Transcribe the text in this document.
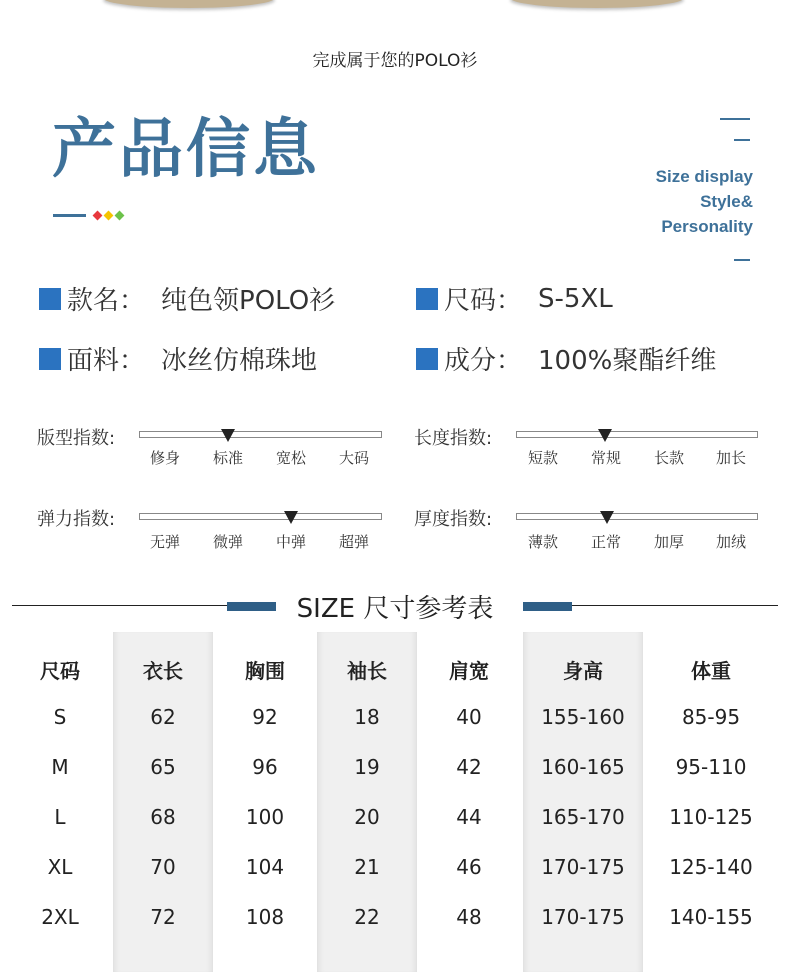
完成属于您的POLO衫
产品信息	Size display
Style&
Personality
款名： 纯色领POLO衫	尺码： S-5XL
面料： 冰丝仿棉珠地	成分： 100%聚酯纤维
版型指数:
修身	标准	宽松	大码
长度指数:
短款	常规	长款	加长
弹力指数:
无弹	微弹	中弹	超弹
厚度指数:
薄款	正常	加厚	加绒
SIZE 尺寸参考表
尺码	衣长	胸围	袖长	肩宽	身高	体重
S	62	92	18	40	155-160	85-95
M	65	96	19	42	160-165	95-110
L	68	100	20	44	165-170	110-125
XL	70	104	21	46	170-175	125-140
2XL	72	108	22	48	170-175	140-155
